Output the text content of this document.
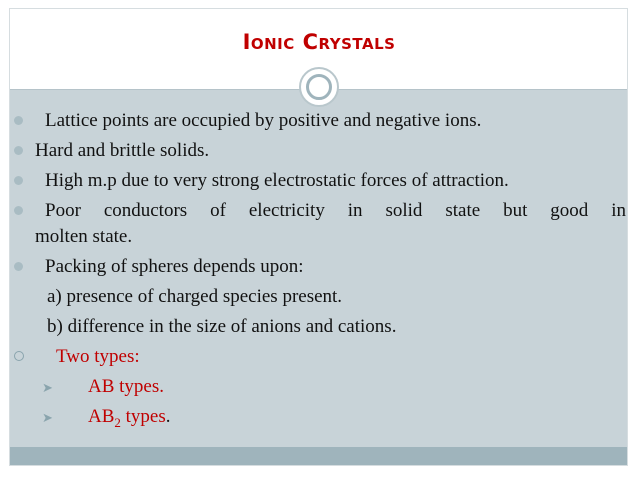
Ionic Crystals
Lattice points are occupied by positive and negative ions.
Hard and brittle solids.
High m.p due to very strong electrostatic forces of attraction.
Poor conductors of electricity in solid state but good in
molten state.
Packing of spheres depends upon:
a) presence of charged species present.
b) difference in the size of anions and cations.
Two types:
➤ AB types.
➤ $AB_2$ types.
